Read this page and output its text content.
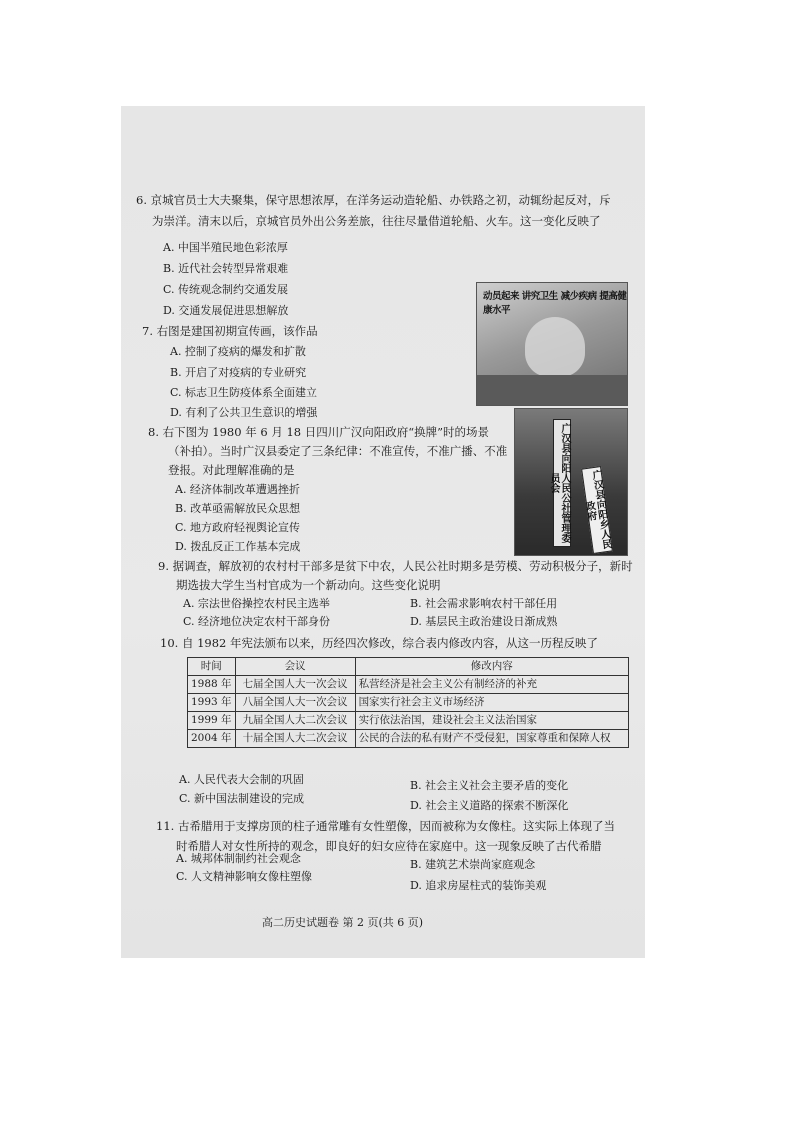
6. 京城官员士大夫聚集，保守思想浓厚，在洋务运动造轮船、办铁路之初，动辄纷起反对，斥
为崇洋。清末以后，京城官员外出公务差旅，往往尽量借道轮船、火车。这一变化反映了
A. 中国半殖民地色彩浓厚
B. 近代社会转型异常艰难
C. 传统观念制约交通发展
D. 交通发展促进思想解放
7. 右图是建国初期宣传画，该作品
A. 控制了疫病的爆发和扩散
B. 开启了对疫病的专业研究
C. 标志卫生防疫体系全面建立
D. 有利了公共卫生意识的增强
动员起来 讲究卫生 减少疾病 提高健康水平
8. 右下图为 1980 年 6 月 18 日四川广汉向阳政府“换牌”时的场景
（补拍）。当时广汉县委定了三条纪律：不准宣传，不准广播、不准
登报。对此理解准确的是
A. 经济体制改革遭遇挫折
B. 改革亟需解放民众思想
C. 地方政府轻视舆论宣传
D. 拨乱反正工作基本完成
广汉县向阳人民公社管理委员会	广汉县向阳乡人民政府
9. 据调查，解放初的农村村干部多是贫下中农，人民公社时期多是劳模、劳动积极分子，新时
期选拔大学生当村官成为一个新动向。这些变化说明
A. 宗法世俗操控农村民主选举	B. 社会需求影响农村干部任用
C. 经济地位决定农村干部身份	D. 基层民主政治建设日渐成熟
10. 自 1982 年宪法颁布以来，历经四次修改，综合表内修改内容，从这一历程反映了
时间	会议	修改内容
1988 年	七届全国人大一次会议	私营经济是社会主义公有制经济的补充
1993 年	八届全国人大一次会议	国家实行社会主义市场经济
1999 年	九届全国人大二次会议	实行依法治国，建设社会主义法治国家
2004 年	十届全国人大二次会议	公民的合法的私有财产不受侵犯，国家尊重和保障人权
A. 人民代表大会制的巩固	B. 社会主义社会主要矛盾的变化
C. 新中国法制建设的完成
D. 社会主义道路的探索不断深化
11. 古希腊用于支撑房顶的柱子通常雕有女性塑像，因而被称为女像柱。这实际上体现了当
时希腊人对女性所持的观念，即良好的妇女应待在家庭中。这一现象反映了古代希腊
A. 城邦体制制约社会观念	B. 建筑艺术崇尚家庭观念
C. 人文精神影响女像柱塑像
D. 追求房屋柱式的装饰美观
高二历史试题卷 第 2 页(共 6 页)
